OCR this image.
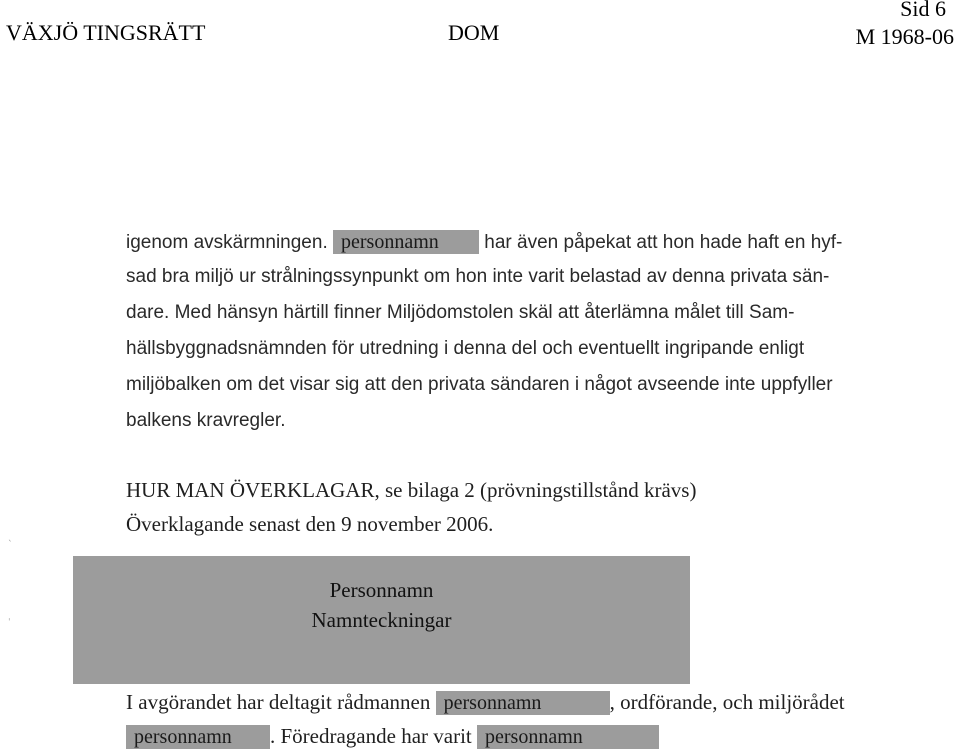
VÄXJÖ TINGSRÄTT	DOM
Sid 6
M 1968-06
igenom avskärmningen. personnamn har även påpekat att hon hade haft en hyf-
sad bra miljö ur strålningssynpunkt om hon inte varit belastad av denna privata sän-
dare. Med hänsyn härtill finner Miljödomstolen skäl att återlämna målet till Sam-
hällsbyggnadsnämnden för utredning i denna del och eventuellt ingripande enligt
miljöbalken om det visar sig att den privata sändaren i något avseende inte uppfyller
balkens kravregler.
HUR MAN ÖVERKLAGAR, se bilaga 2 (prövningstillstånd krävs)
Överklagande senast den 9 november 2006.
Personnamn
Namnteckningar
ˋ
ˌ
I avgörandet har deltagit rådmannen personnamn	, ordförande, och miljörådet
personnamn . Föredragande har varit personnamn
